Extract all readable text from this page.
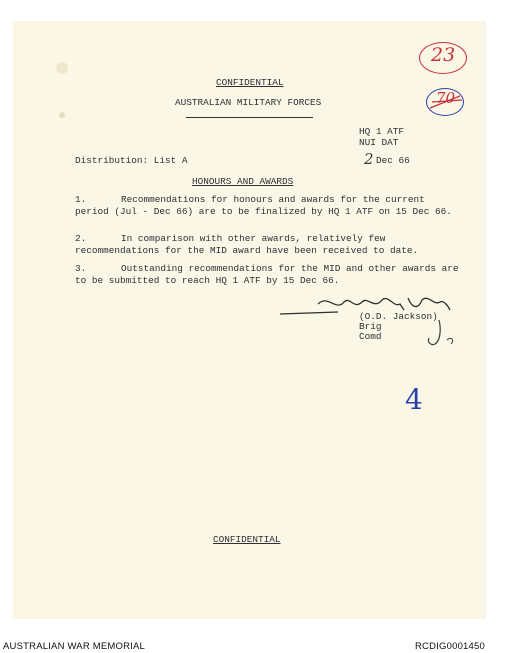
CONFIDENTIAL
AUSTRALIAN MILITARY FORCES
HQ 1 ATF
NUI DAT
Distribution: List A	2 Dec 66
HONOURS AND AWARDS
1.	Recommendations for honours and awards for the current period (Jul - Dec 66) are to be finalized by HQ 1 ATF on 15 Dec 66.
2.	In comparison with other awards, relatively few recommendations for the MID award have been received to date.
3.	Outstanding recommendations for the MID and other awards are to be submitted to reach HQ 1 ATF by 15 Dec 66.
(O.D. Jackson)
Brig
Comd
23
70
4
CONFIDENTIAL
AUSTRALIAN WAR MEMORIAL	RCDIG0001450
